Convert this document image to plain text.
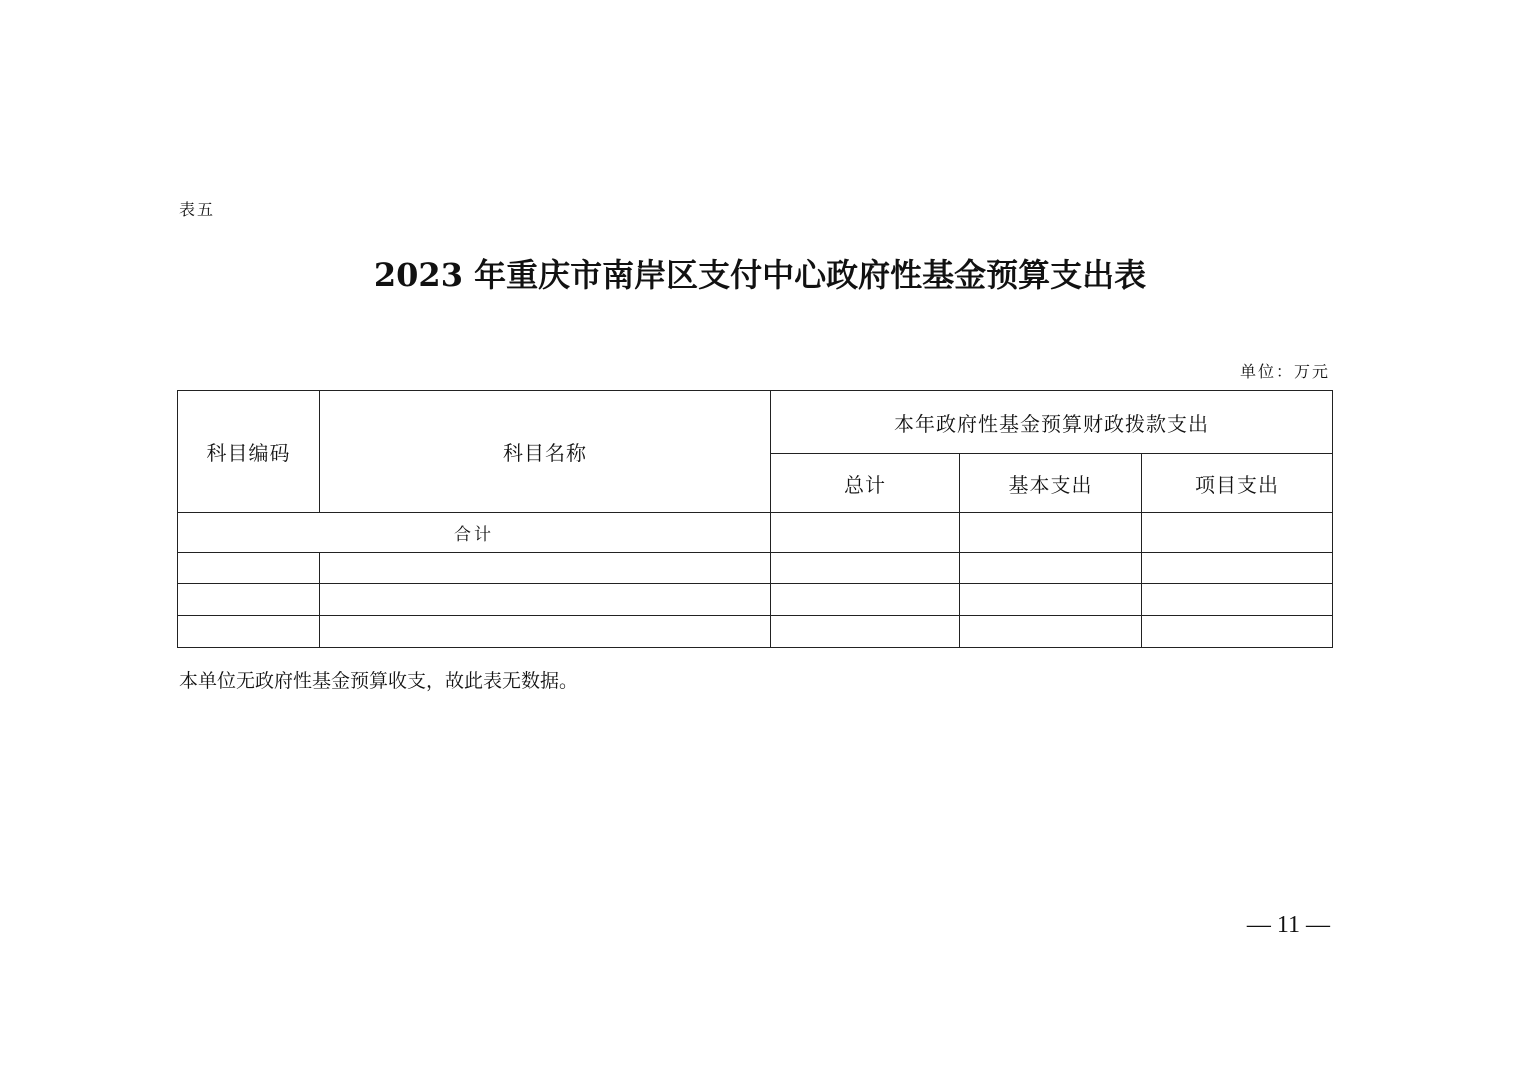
表五
2023 年重庆市南岸区支付中心政府性基金预算支出表
单位：万元
科目编码	科目名称	本年政府性基金预算财政拨款支出		
		总计	基本支出	项目支出
合计				

本单位无政府性基金预算收支，故此表无数据。
— 11 —
